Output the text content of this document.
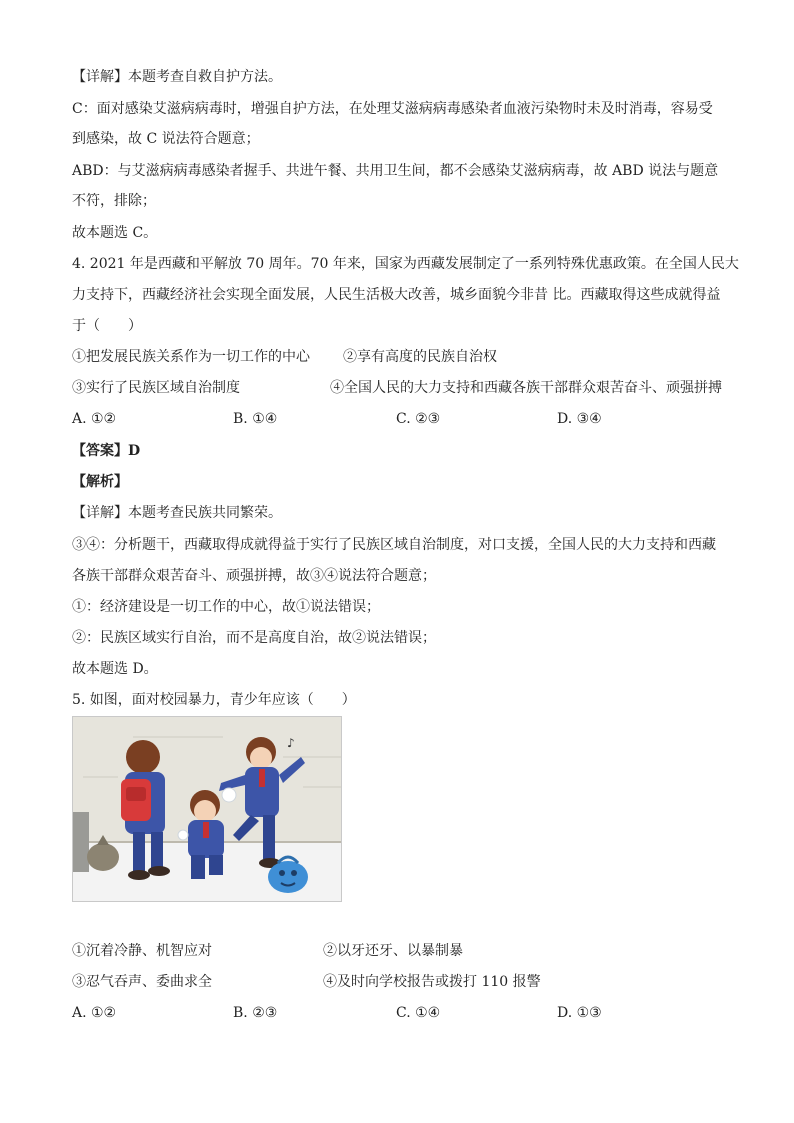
【详解】本题考查自救自护方法。
C：面对感染艾滋病病毒时，增强自护方法，在处理艾滋病病毒感染者血液污染物时未及时消毒，容易受
到感染，故 C 说法符合题意；
ABD：与艾滋病病毒感染者握手、共进午餐、共用卫生间，都不会感染艾滋病病毒，故 ABD 说法与题意
不符，排除；
故本题选 C。
4. 2021 年是西藏和平解放 70 周年。70 年来，国家为西藏发展制定了一系列特殊优惠政策。在全国人民大
力支持下，西藏经济社会实现全面发展，人民生活极大改善，城乡面貌今非昔 比。西藏取得这些成就得益
于（　　）
①把发展民族关系作为一切工作的中心 ②享有高度的民族自治权
③实行了民族区域自治制度	④全国人民的大力支持和西藏各族干部群众艰苦奋斗、顽强拼搏
A. ①②	B. ①④	C. ②③	D. ③④
【答案】D
【解析】
【详解】本题考查民族共同繁荣。
③④：分析题干，西藏取得成就得益于实行了民族区域自治制度，对口支援，全国人民的大力支持和西藏
各族干部群众艰苦奋斗、顽强拼搏，故③④说法符合题意；
①：经济建设是一切工作的中心，故①说法错误；
②：民族区域实行自治，而不是高度自治，故②说法错误；
故本题选 D。
5. 如图，面对校园暴力，青少年应该（　　）
♪
①沉着冷静、机智应对	②以牙还牙、以暴制暴
③忍气吞声、委曲求全	④及时向学校报告或拨打 110 报警
A. ①②	B. ②③	C. ①④	D. ①③
